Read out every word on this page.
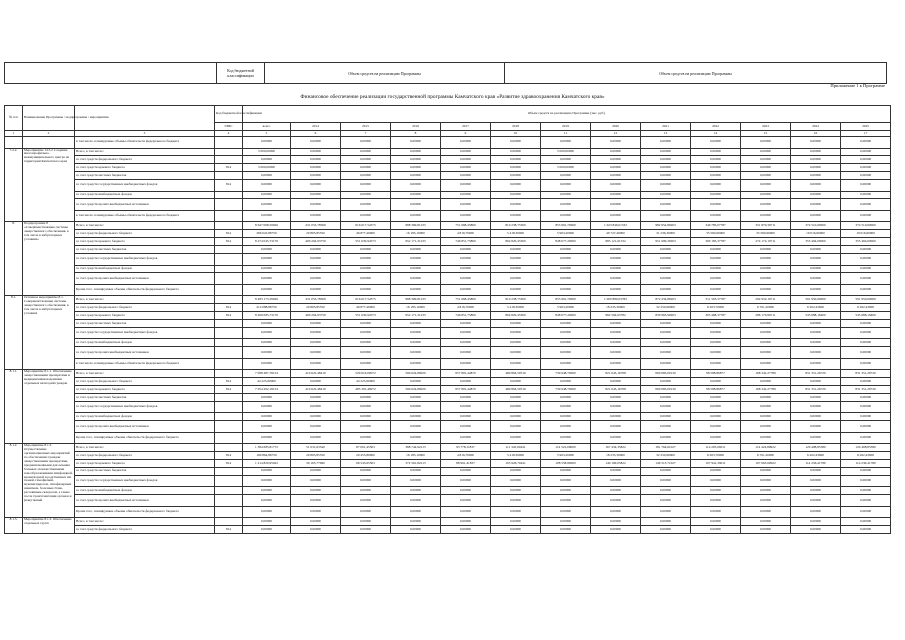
	Код бюджетной классификации	Объем средств на реализацию Программы	Объем средств на реализацию Программы
Приложение 1 к Программе
Финансовое обеспечение реализации государственной программы Камчатского края «Развитие здравоохранения Камчатского края»
№ п/п	Наименование Программы / подпрограммы / мероприятия		Код бюджетной классификации	Объем средств на реализацию Программы (тыс. руб.)												
			ГРБС	всего	2014	2015	2016	2017	2018	2019	2020	2021	2022	2023	2024	2025
1	2	3	4	5	6	7	8	9	10	11	12	13	14	15	16	17
		в том числе, планируемые объемы обязательств федерального бюджета		0,00000	0,00000	0,00000	0,00000	0,00000	0,00000	0,00000	0,00000	0,00000	0,00000	0,00000	0,00000	0,00000
7.2.2.	Мероприятие 14.5.2 Создание многопрофильно-межмуниципального центра на территории Камчатского края	Всего, в том числе:		5 000,00000	0,00000	0,00000	0,00000	0,00000	0,00000	5 000,00000	0,00000	0,00000	0,00000	0,00000	0,00000	0,00000
		за счет средств федерального бюджета		0,00000	0,00000	0,00000	0,00000	0,00000	0,00000	0,00000	0,00000	0,00000	0,00000	0,00000	0,00000	0,00000
		за счет средств краевого бюджета	814	5 000,00000	0,00000	0,00000	0,00000	0,00000	0,00000	5 000,00000	0,00000	0,00000	0,00000	0,00000	0,00000	0,00000
		за счет средств местных бюджетов		0,00000	0,00000	0,00000	0,00000	0,00000	0,00000	0,00000	0,00000	0,00000	0,00000	0,00000	0,00000	0,00000
		за счет средств государственных внебюджетных фондов	814	0,00000	0,00000	0,00000	0,00000	0,00000	0,00000	0,00000	0,00000	0,00000	0,00000	0,00000	0,00000	0,00000
		за счет средств внебюджетных фондов		0,00000	0,00000	0,00000	0,00000	0,00000	0,00000	0,00000	0,00000	0,00000	0,00000	0,00000	0,00000	0,00000
		за счет средств прочих внебюджетных источников		0,00000	0,00000	0,00000	0,00000	0,00000	0,00000	0,00000	0,00000	0,00000	0,00000	0,00000	0,00000	0,00000
		в том числе, планируемые объемы обязательств федерального бюджета		0,00000	0,00000	0,00000	0,00000	0,00000	0,00000	0,00000	0,00000	0,00000	0,00000	0,00000	0,00000	0,00000
8.	Подпрограмма 8 «Совершенствование системы лекарственного обеспечения, в том числе в амбулаторных условиях»	Всего, в том числе:		8 647 068,59926	431 053,78369	616 617,54575	988 369,81235	751 668,45800	810 238,75300	853 991,70000	1 023 849,01532	982 954,89263	346 785,07787	351 879,36711	374 510,60000	374 510,60000
		за счет средств федерального бюджета	814	366 022,86750	20 865,85550	46 877,40000	16 183,10000	4 816,70000	5 418,30000	5 963,20000	40 727,40000	31 236,30000	35 560,60000	35 560,60000	19 016,60000	19 016,60000
		за счет средств краевого бюджета	814	8 274 045,73176	409 204,93759	551 630,94573	952 171,31235	746 851,75800	804 820,45300	848 077,20000	983 121,61532	951 609,39263	309 183,37787	274 174,19711	355 494,00000	355 494,00000
		за счет средств местных бюджетов		0,00000	0,00000	0,00000	0,00000	0,00000	0,00000	0,00000	0,00000	0,00000	0,00000	0,00000	0,00000	0,00000
		за счет средств государственных внебюджетных фондов		0,00000	0,00000	0,00000	0,00000	0,00000	0,00000	0,00000	0,00000	0,00000	0,00000	0,00000	0,00000	0,00000
		за счет средств внебюджетных фондов		0,00000	0,00000	0,00000	0,00000	0,00000	0,00000	0,00000	0,00000	0,00000	0,00000	0,00000	0,00000	0,00000
		за счет средств прочих внебюджетных источников		0,00000	0,00000	0,00000	0,00000	0,00000	0,00000	0,00000	0,00000	0,00000	0,00000	0,00000	0,00000	0,00000
		Кроме того, планируемые объемы обязательств федерального бюджета		0,00000	0,00000	0,00000	0,00000	0,00000	0,00000	0,00000	0,00000	0,00000	0,00000	0,00000	0,00000	0,00000
8.1.	Основное мероприятие 8.1. Совершенствование системы лекарственного обеспечения, в том числе в амбулаторных условиях	Всего, в том числе:		8 483 173,59926	431 053,78369	616 617,54575	988 369,81235	751 668,45800	810 238,75300	853 991,70000	1 000 880,03782	872 434,89263	311 593,37787	292 932,16711	591 950,60000	591 950,60000
		за счет средств федерального бюджета	814	214 088,86750	20 865,85550	46 877,40000	16 183,10000	4 816,70000	5 418,30000	5 963,20000	18 235,30000	32 250,90000	6 263,70000	6 761,20000	6 262,43600	6 262,43600
		за счет средств краевого бюджета	814	8 269 085,73176	409 204,93759	551 630,94573	952 171,31235	746 851,75800	804 820,45300	848 077,20000	982 594,63782	839 963,99263	305 468,37787	286 170,96711	545 688,16400	545 688,16400
		за счет средств местных бюджетов		0,00000	0,00000	0,00000	0,00000	0,00000	0,00000	0,00000	0,00000	0,00000	0,00000	0,00000	0,00000	0,00000
		за счет средств государственных внебюджетных фондов		0,00000	0,00000	0,00000	0,00000	0,00000	0,00000	0,00000	0,00000	0,00000	0,00000	0,00000	0,00000	0,00000
		за счет средств внебюджетных фондов		0,00000	0,00000	0,00000	0,00000	0,00000	0,00000	0,00000	0,00000	0,00000	0,00000	0,00000	0,00000	0,00000
		за счет средств прочих внебюджетных источников		0,00000	0,00000	0,00000	0,00000	0,00000	0,00000	0,00000	0,00000	0,00000	0,00000	0,00000	0,00000	0,00000
		в том числе, планируемые объемы обязательств федерального бюджета		0,00000	0,00000	0,00000	0,00000	0,00000	0,00000	0,00000	0,00000	0,00000	0,00000	0,00000	0,00000	0,00000
8.1.1.	Мероприятие 8.1.1. Обеспечение лекарственными препаратами и медицинскими изделиями отдельных категорий граждан	Всего, в том числе:		7 098 487,78154	419 622,48419	529 616,09072	599 624,89020	657 891,44870	489 894,50516	739 948,70000	821 643,16798	690 683,09130	98 588,86877	168 342,27789	831 351,26720	831 351,26720
		за счет средств федерального бюджета	814	44 225,60000	0,00000	44 225,60000	0,00000	0,00000	0,00000	0,00000	0,00000	0,00000	0,00000	0,00000	0,00000	0,00000
		за счет средств краевого бюджета	814	7 054 262,18154	419 622,48419	485 391,49072	599 624,89020	657 891,44870	489 894,50516	739 948,70000	821 643,16798	690 683,09130	98 588,86877	168 342,27789	831 351,26720	831 351,26720
		за счет средств местных бюджетов		0,00000	0,00000	0,00000	0,00000	0,00000	0,00000	0,00000	0,00000	0,00000	0,00000	0,00000	0,00000	0,00000
		за счет средств государственных внебюджетных фондов		0,00000	0,00000	0,00000	0,00000	0,00000	0,00000	0,00000	0,00000	0,00000	0,00000	0,00000	0,00000	0,00000
		за счет средств внебюджетных фондов		0,00000	0,00000	0,00000	0,00000	0,00000	0,00000	0,00000	0,00000	0,00000	0,00000	0,00000	0,00000	0,00000
		за счет средств прочих внебюджетных источников		0,00000	0,00000	0,00000	0,00000	0,00000	0,00000	0,00000	0,00000	0,00000	0,00000	0,00000	0,00000	0,00000
		Кроме того, планируемые объемы обязательств федерального бюджета		0,00000	0,00000	0,00000	0,00000	0,00000	0,00000	0,00000	0,00000	0,00000	0,00000	0,00000	0,00000	0,00000
8.1.2.	Мероприятие 8.1.2. Осуществление организационных мероприятий по обеспечению граждан лекарственными препаратами, предназначенными для лечения больных злокачественными новообразованиями лимфоидной, кроветворной и родственных им тканей, гемофилией, муковисцидозом, гипофизарным нанизмом, болезнью Гоше, рассеянным склерозом, а также после трансплантации органов и (или) тканей	Всего, в том числе:		1 384 685,81772	51 031,63540	87 001,45503	388 744,92215	93 778,11837	111 345,00441	114 522,00000	167 434,35822	181 764,61027	114 205,09011	114 424,89922	120 498,85380	120 498,85380
		за счет средств федерального бюджета	814	169 864,86750	20 865,85550	20 455,80000	16 183,10000	4 816,70000	5 418,30000	5 963,20000	18 235,30000	32 250,90000	6 263,70000	6 761,20000	6 262,43600	6 262,43600
		за счет средств краевого бюджета	814	1 214 820,95022	30 165,77990	66 545,65503	372 561,82215	88 961,41837	105 926,70441	108 558,80000	149 199,05822	149 513,71027	107 941,39011	107 663,69922	114 236,41780	114 236,41780
		за счет средств местных бюджетов		0,00000	0,00000	0,00000	0,00000	0,00000	0,00000	0,00000	0,00000	0,00000	0,00000	0,00000	0,00000	0,00000
		за счет средств государственных внебюджетных фондов		0,00000	0,00000	0,00000	0,00000	0,00000	0,00000	0,00000	0,00000	0,00000	0,00000	0,00000	0,00000	0,00000
		за счет средств внебюджетных фондов		0,00000	0,00000	0,00000	0,00000	0,00000	0,00000	0,00000	0,00000	0,00000	0,00000	0,00000	0,00000	0,00000
		за счет средств прочих внебюджетных источников		0,00000	0,00000	0,00000	0,00000	0,00000	0,00000	0,00000	0,00000	0,00000	0,00000	0,00000	0,00000	0,00000
		Кроме того, планируемые объемы обязательств федерального бюджета		0,00000	0,00000	0,00000	0,00000	0,00000	0,00000	0,00000	0,00000	0,00000	0,00000	0,00000	0,00000	0,00000
8.1.3.	Мероприятие 8.1.3. Обеспечение отдельных групп	Всего, в том числе:		0,00000	0,00000	0,00000	0,00000	0,00000	0,00000	0,00000	0,00000	0,00000	0,00000	0,00000	0,00000	0,00000
		за счет средств федерального бюджета	814	0,00000	0,00000	0,00000	0,00000	0,00000	0,00000	0,00000	0,00000	0,00000	0,00000	0,00000	0,00000	0,00000
